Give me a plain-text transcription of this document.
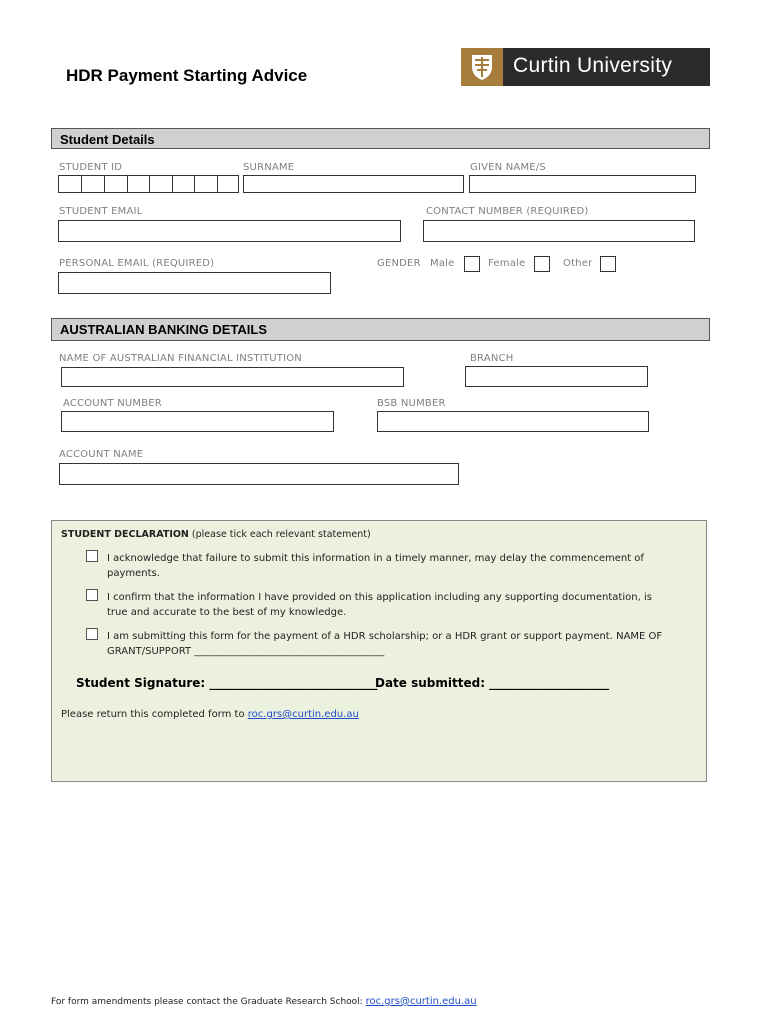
HDR Payment Starting Advice	Curtin University
Student Details
STUDENT ID	SURNAME	GIVEN NAME/S
STUDENT EMAIL	CONTACT NUMBER (REQUIRED)
PERSONAL EMAIL (REQUIRED)	GENDER Male	Female	Other
AUSTRALIAN BANKING DETAILS
NAME OF AUSTRALIAN FINANCIAL INSTITUTION	BRANCH
ACCOUNT NUMBER	BSB NUMBER
ACCOUNT NAME
STUDENT DECLARATION (please tick each relevant statement)
I acknowledge that failure to submit this information in a timely manner, may delay the commencement of
payments.
I confirm that the information I have provided on this application including any supporting documentation, is
true and accurate to the best of my knowledge.
I am submitting this form for the payment of a HDR scholarship; or a HDR grant or support payment. NAME OF
GRANT/SUPPORT ______________________________________
Student Signature: ____________________________
Date submitted: ____________________
Please return this completed form to roc.grs@curtin.edu.au
For form amendments please contact the Graduate Research School: roc.grs@curtin.edu.au
